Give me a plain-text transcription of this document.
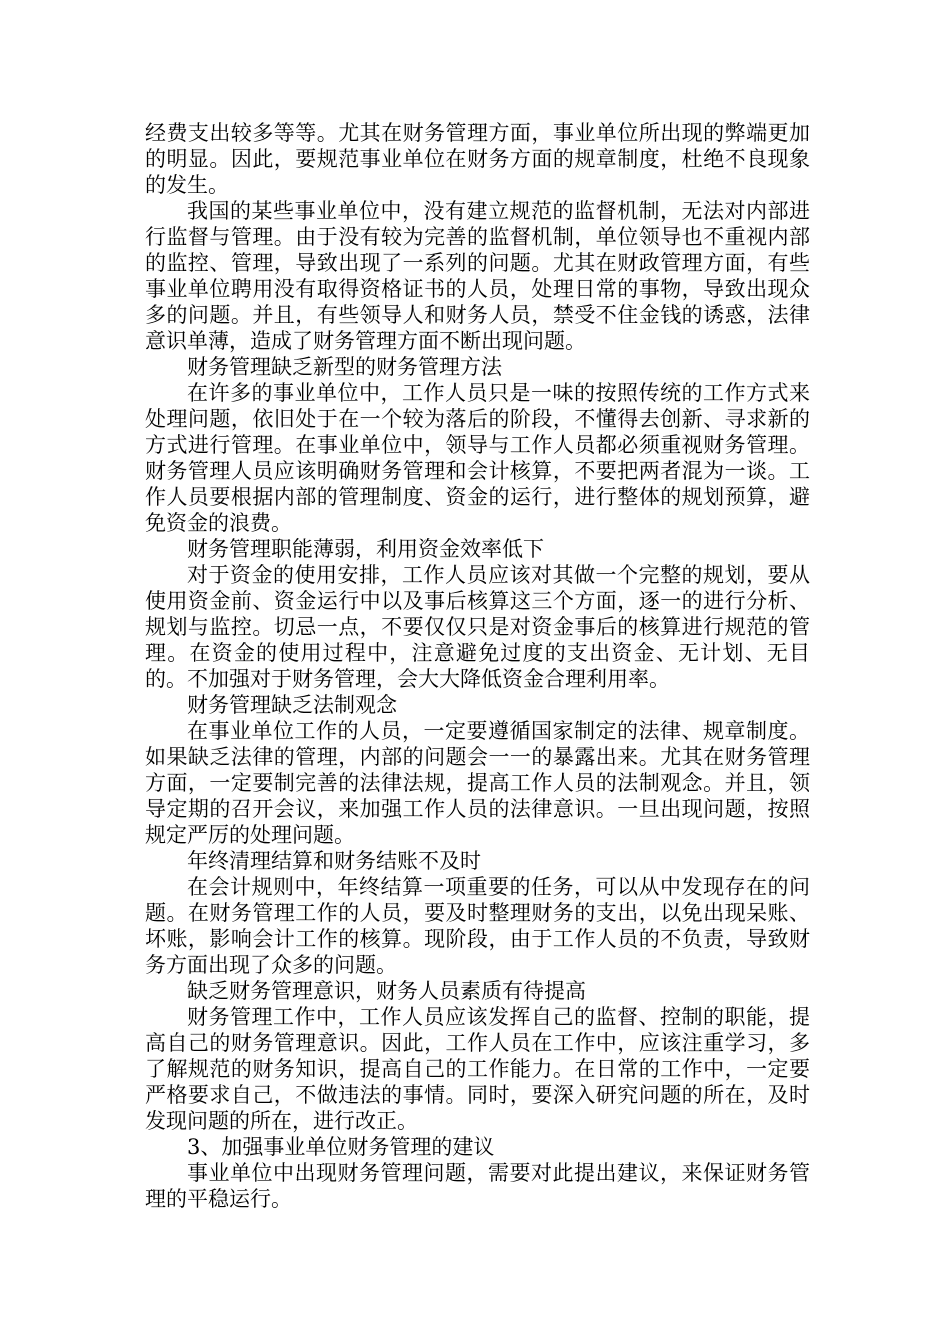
经费支出较多等等。尤其在财务管理方面，事业单位所出现的弊端更加的明显。因此，要规范事业单位在财务方面的规章制度，杜绝不良现象的发生。

我国的某些事业单位中，没有建立规范的监督机制，无法对内部进行监督与管理。由于没有较为完善的监督机制，单位领导也不重视内部的监控、管理，导致出现了一系列的问题。尤其在财政管理方面，有些事业单位聘用没有取得资格证书的人员，处理日常的事物，导致出现众多的问题。并且，有些领导人和财务人员，禁受不住金钱的诱惑，法律意识单薄，造成了财务管理方面不断出现问题。

财务管理缺乏新型的财务管理方法

在许多的事业单位中，工作人员只是一味的按照传统的工作方式来处理问题，依旧处于在一个较为落后的阶段，不懂得去创新、寻求新的方式进行管理。在事业单位中，领导与工作人员都必须重视财务管理。财务管理人员应该明确财务管理和会计核算，不要把两者混为一谈。工作人员要根据内部的管理制度、资金的运行，进行整体的规划预算，避免资金的浪费。

财务管理职能薄弱，利用资金效率低下

对于资金的使用安排，工作人员应该对其做一个完整的规划，要从使用资金前、资金运行中以及事后核算这三个方面，逐一的进行分析、规划与监控。切忌一点，不要仅仅只是对资金事后的核算进行规范的管理。在资金的使用过程中，注意避免过度的支出资金、无计划、无目的。不加强对于财务管理，会大大降低资金合理利用率。

财务管理缺乏法制观念

在事业单位工作的人员，一定要遵循国家制定的法律、规章制度。如果缺乏法律的管理，内部的问题会一一的暴露出来。尤其在财务管理方面，一定要制完善的法律法规，提高工作人员的法制观念。并且，领导定期的召开会议，来加强工作人员的法律意识。一旦出现问题，按照规定严厉的处理问题。

年终清理结算和财务结账不及时

在会计规则中，年终结算一项重要的任务，可以从中发现存在的问题。在财务管理工作的人员，要及时整理财务的支出，以免出现呆账、坏账，影响会计工作的核算。现阶段，由于工作人员的不负责，导致财务方面出现了众多的问题。

缺乏财务管理意识，财务人员素质有待提高

财务管理工作中，工作人员应该发挥自己的监督、控制的职能，提高自己的财务管理意识。因此，工作人员在工作中，应该注重学习，多了解规范的财务知识，提高自己的工作能力。在日常的工作中，一定要严格要求自己，不做违法的事情。同时，要深入研究问题的所在，及时发现问题的所在，进行改正。

3、加强事业单位财务管理的建议

事业单位中出现财务管理问题，需要对此提出建议，来保证财务管理的平稳运行。
